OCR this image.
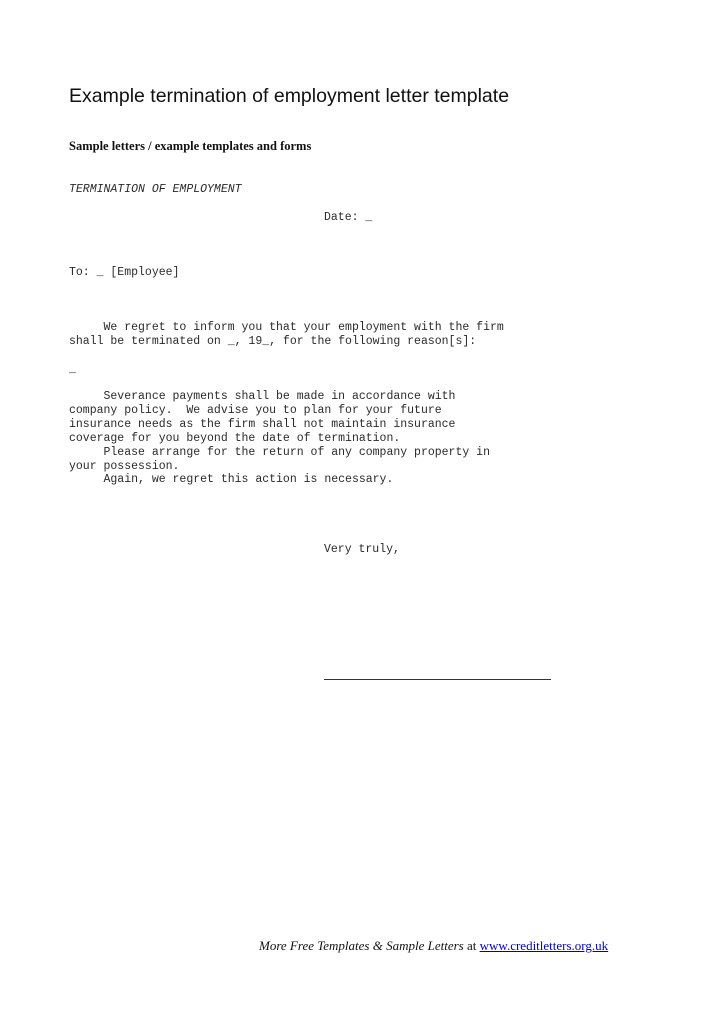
Example termination of employment letter template
Sample letters / example templates and forms
TERMINATION OF EMPLOYMENT
Date: _
To: _ [Employee]
We regret to inform you that your employment with the firm
shall be terminated on _, 19_, for the following reason[s]:
_
Severance payments shall be made in accordance with
company policy.  We advise you to plan for your future
insurance needs as the firm shall not maintain insurance
coverage for you beyond the date of termination.
Please arrange for the return of any company property in
your possession.
Again, we regret this action is necessary.
Very truly,
More Free Templates & Sample Letters at www.creditletters.org.uk
